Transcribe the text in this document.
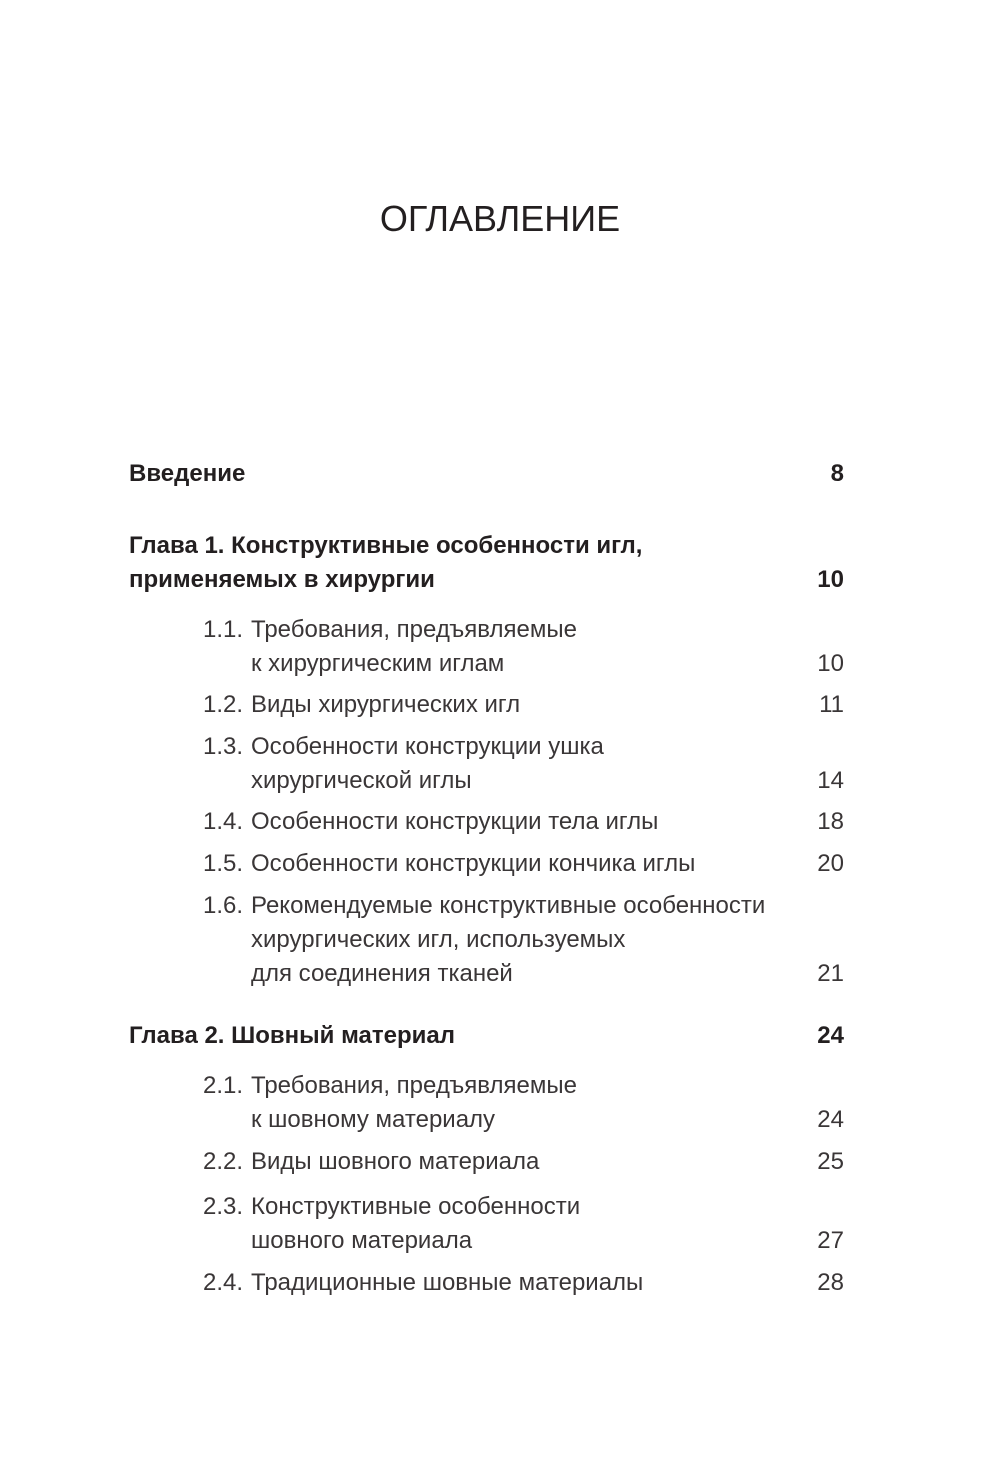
ОГЛАВЛЕНИЕ
Введение	8
Глава 1. Конструктивные особенности игл,
применяемых в хирургии	10
1.1. Требования, предъявляемые
к хирургическим иглам	10
1.2. Виды хирургических игл	11
1.3. Особенности конструкции ушка
хирургической иглы	14
1.4. Особенности конструкции тела иглы	18
1.5. Особенности конструкции кончика иглы	20
1.6. Рекомендуемые конструктивные особенности
хирургических игл, используемых
для соединения тканей	21
Глава 2. Шовный материал	24
2.1. Требования, предъявляемые
к шовному материалу	24
2.2. Виды шовного материала	25
2.3. Конструктивные особенности
шовного материала	27
2.4. Традиционные шовные материалы	28
